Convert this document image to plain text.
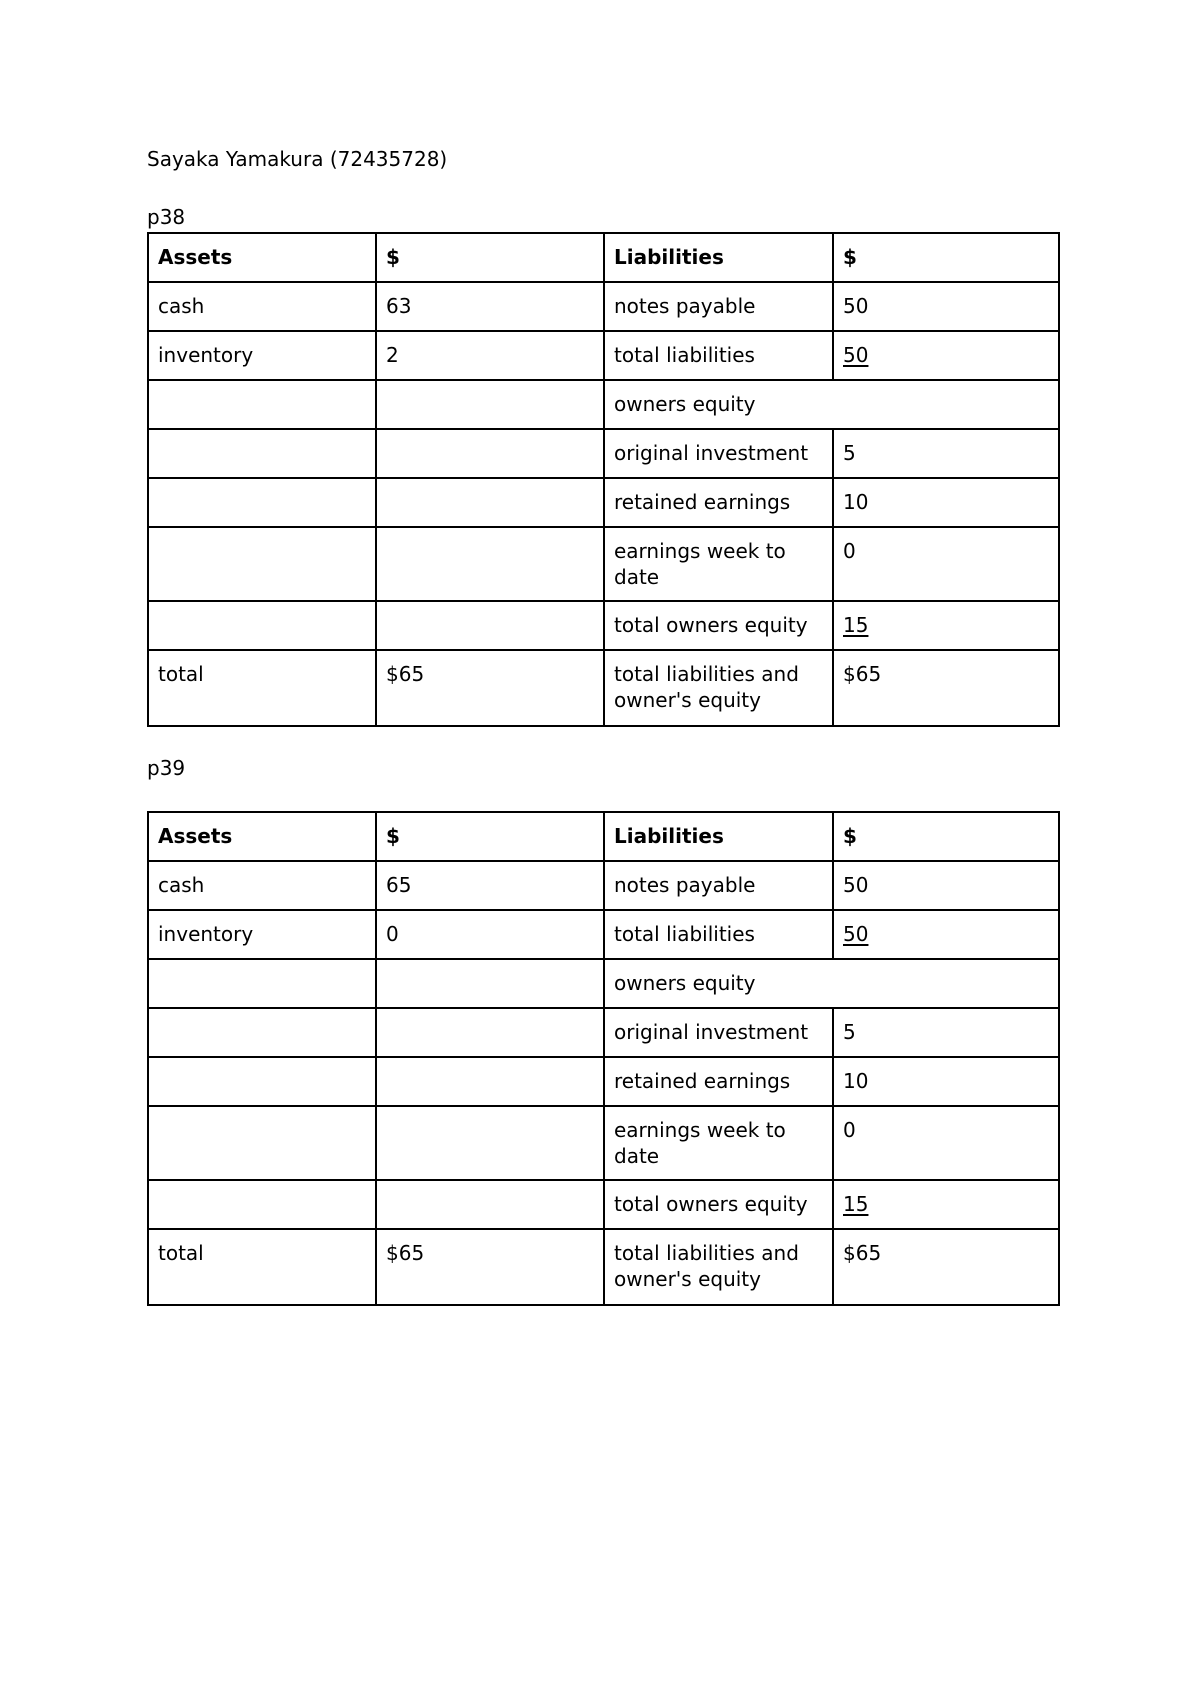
Sayaka Yamakura (72435728)
p38
Assets	$	Liabilities	$
cash	63	notes payable	50
inventory	2	total liabilities	50
		owners equity	
		original investment	5
		retained earnings	10
		earnings week to date	0
		total owners equity	15
total	$65	total liabilities and owner's equity	$65
p39
Assets	$	Liabilities	$
cash	65	notes payable	50
inventory	0	total liabilities	50
		owners equity	
		original investment	5
		retained earnings	10
		earnings week to date	0
		total owners equity	15
total	$65	total liabilities and owner's equity	$65
